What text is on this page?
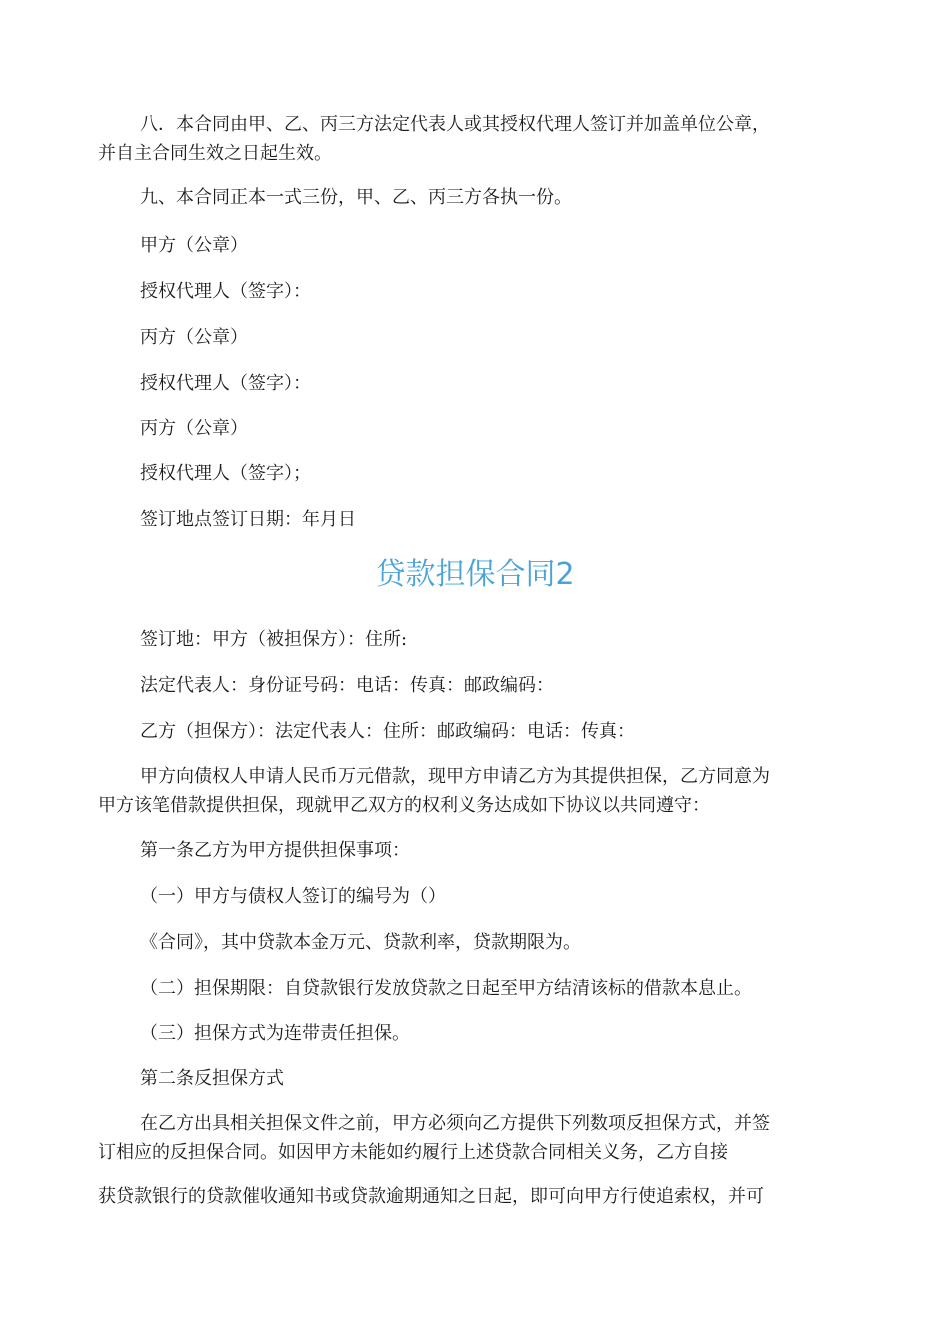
八．本合同由甲、乙、丙三方法定代表人或其授权代理人签订并加盖单位公章，
并自主合同生效之日起生效。
九、本合同正本一式三份，甲、乙、丙三方各执一份。
甲方（公章）
授权代理人（签字）：
丙方（公章）
授权代理人（签字）：
丙方（公章）
授权代理人（签字）；
签订地点签订日期：年月日
贷款担保合同2
签订地：甲方（被担保方）：住所:
法定代表人：身份证号码：电话：传真：邮政编码：
乙方（担保方）：法定代表人：住所：邮政编码：电话：传真：
甲方向债权人申请人民币万元借款，现甲方申请乙方为其提供担保，乙方同意为
甲方该笔借款提供担保，现就甲乙双方的权利义务达成如下协议以共同遵守：
第一条乙方为甲方提供担保事项：
（一）甲方与债权人签订的编号为（）
《合同》，其中贷款本金万元、贷款利率，贷款期限为。
（二）担保期限：自贷款银行发放贷款之日起至甲方结清该标的借款本息止。
（三）担保方式为连带责任担保。
第二条反担保方式
在乙方出具相关担保文件之前，甲方必须向乙方提供下列数项反担保方式，并签
订相应的反担保合同。如因甲方未能如约履行上述贷款合同相关义务，乙方自接
获贷款银行的贷款催收通知书或贷款逾期通知之日起，即可向甲方行使追索权，并可
